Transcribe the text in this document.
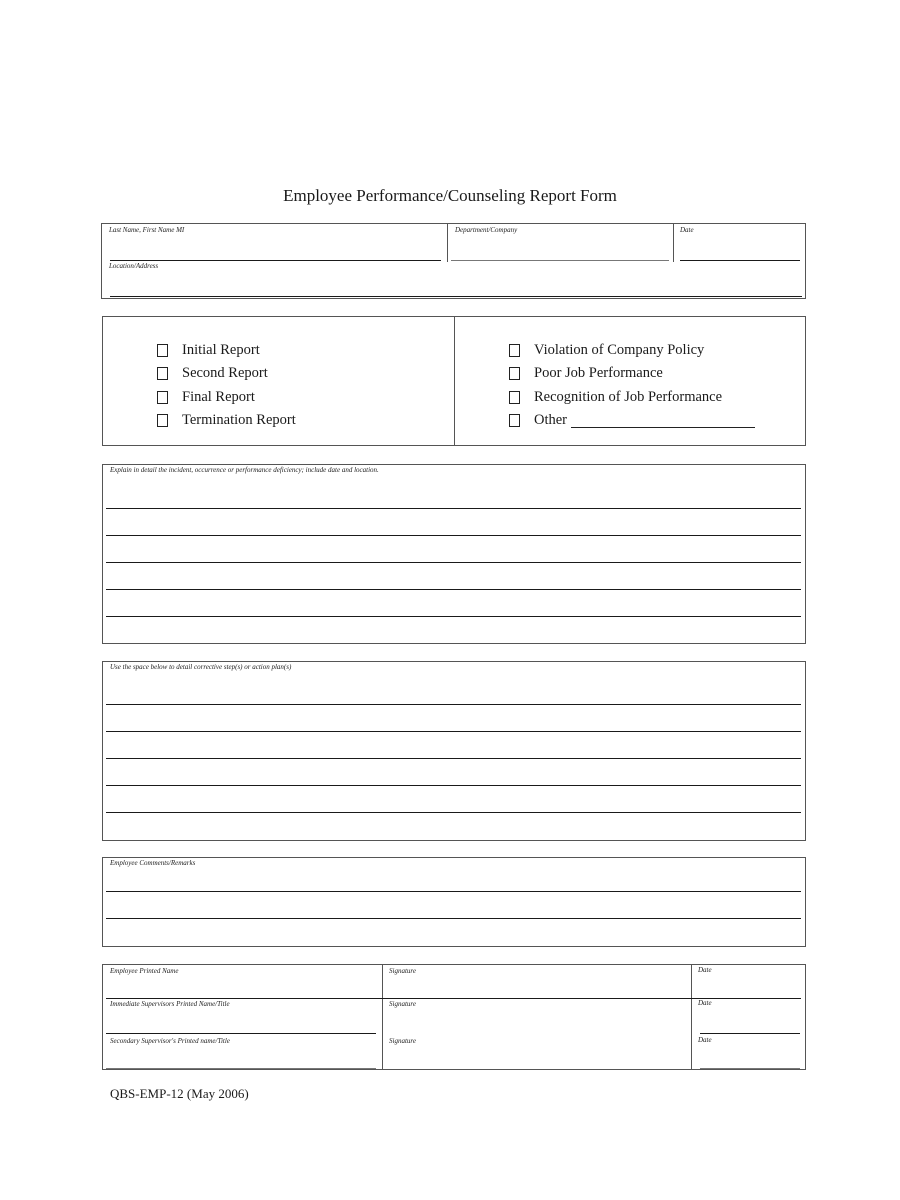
Employee Performance/Counseling Report Form
Last Name, First Name MI	Department/Company	Date
Location/Address
Initial Report
Second Report
Final Report
Termination Report
Violation of Company Policy
Poor Job Performance
Recognition of Job Performance
Other
Explain in detail the incident, occurrence or performance deficiency; include date and location.
Use the space below to detail corrective step(s) or action plan(s)
Employee Comments/Remarks
Employee Printed Name	Signature	Date
Immediate Supervisors Printed Name/Title	Signature	Date
Secondary Supervisor's Printed name/Title	Signature	Date
QBS-EMP-12 (May 2006)
